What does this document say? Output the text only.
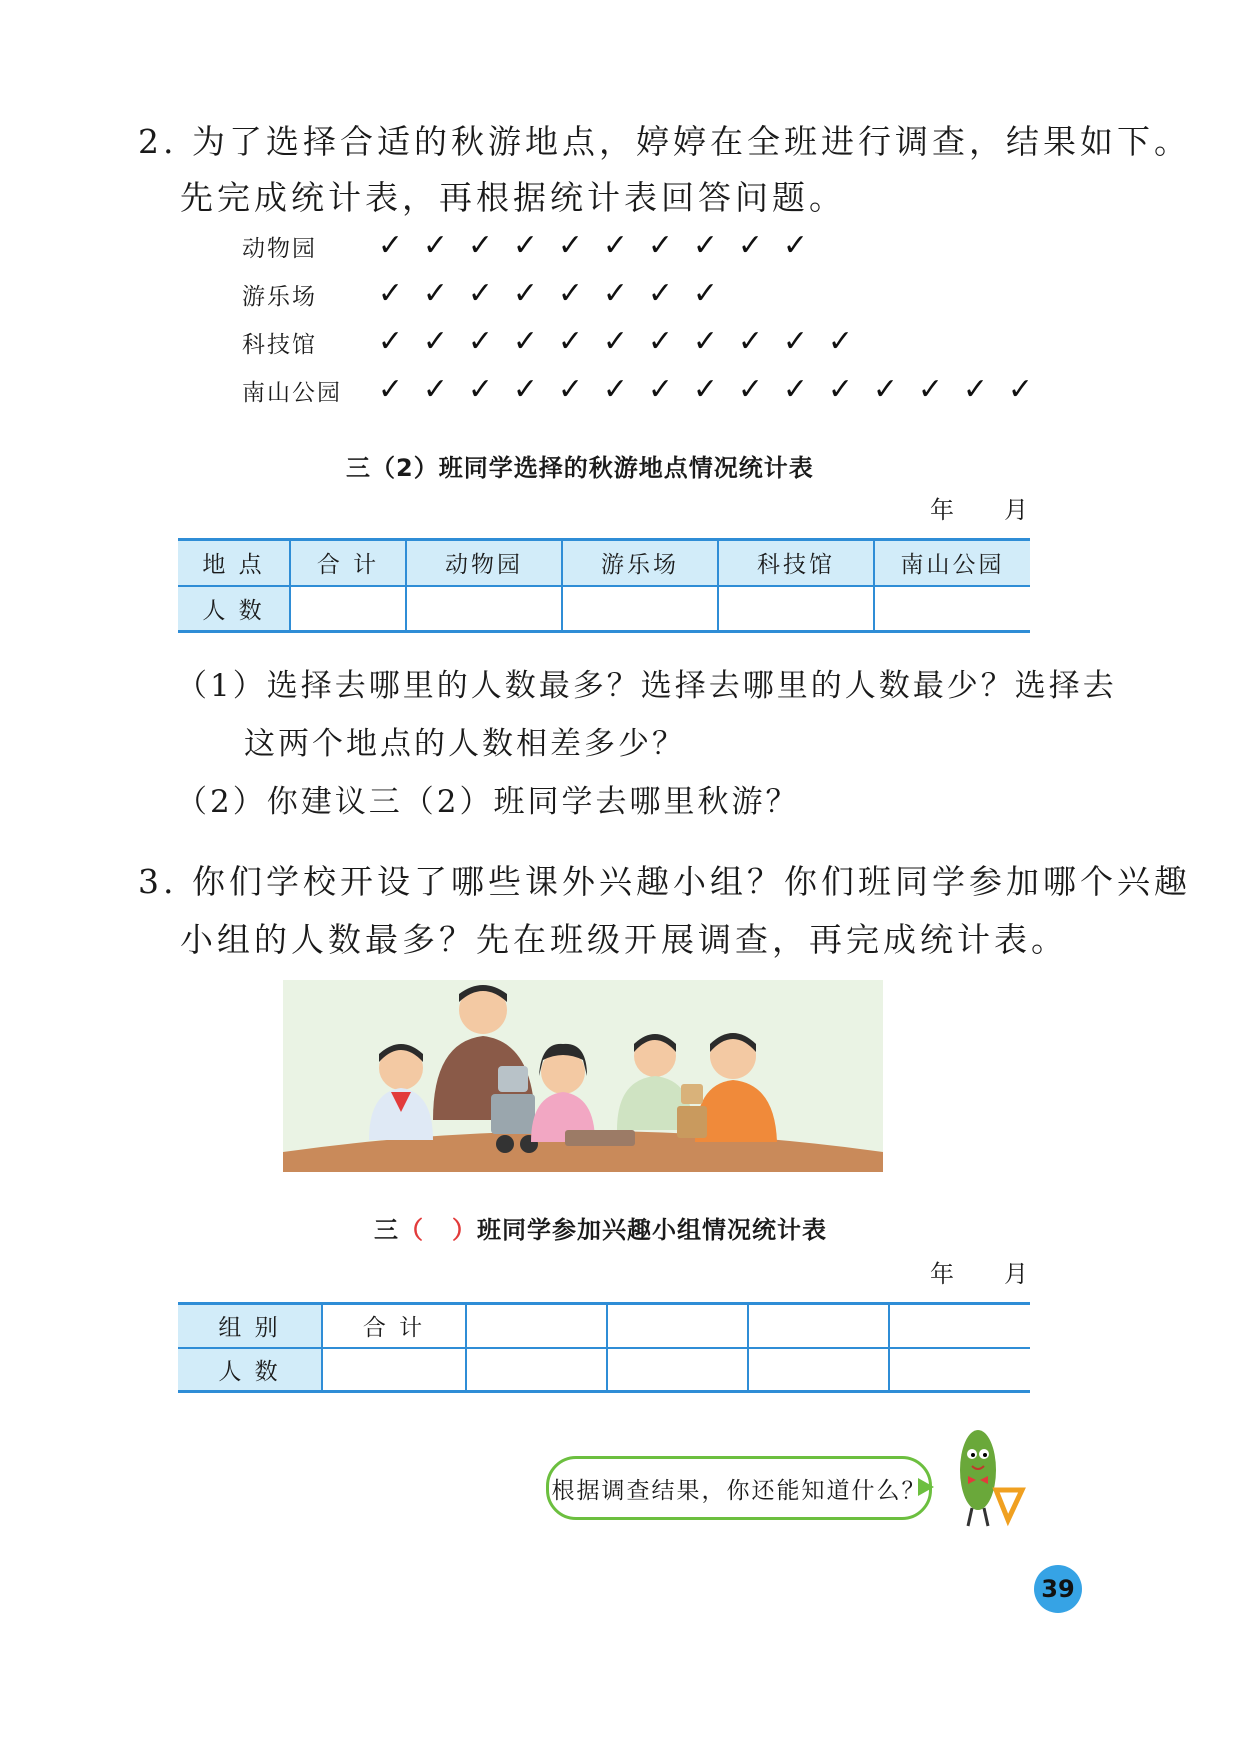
2. 为了选择合适的秋游地点，婷婷在全班进行调查，结果如下。
先完成统计表，再根据统计表回答问题。
动物园	✓ ✓ ✓ ✓ ✓ ✓ ✓ ✓ ✓ ✓
游乐场	✓ ✓ ✓ ✓ ✓ ✓ ✓ ✓
科技馆	✓ ✓ ✓ ✓ ✓ ✓ ✓ ✓ ✓ ✓ ✓
南山公园	✓ ✓ ✓ ✓ ✓ ✓ ✓ ✓ ✓ ✓ ✓ ✓ ✓ ✓ ✓
三（2）班同学选择的秋游地点情况统计表
年 月
地 点	合 计	动物园	游乐场	科技馆	南山公园
人 数					
（1）选择去哪里的人数最多？选择去哪里的人数最少？选择去
这两个地点的人数相差多少？
（2）你建议三（2）班同学去哪里秋游？
3. 你们学校开设了哪些课外兴趣小组？你们班同学参加哪个兴趣
小组的人数最多？先在班级开展调查，再完成统计表。
三（ ）班同学参加兴趣小组情况统计表
年 月
组 别	合 计				
人 数					
根据调查结果，你还能知道什么？
39
